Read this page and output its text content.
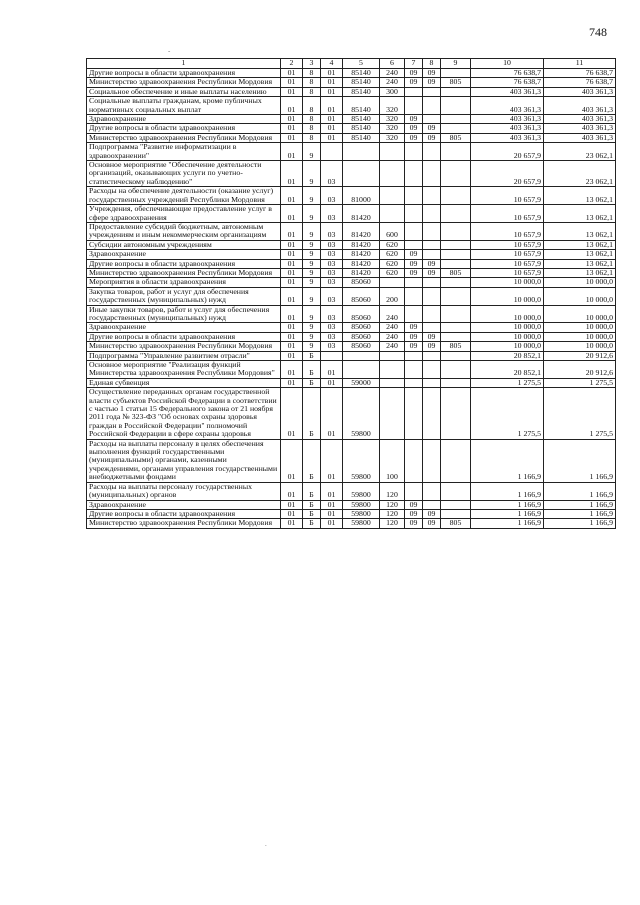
748
-
.
1	2	3	4	5	6	7	8	9	10	11
Другие вопросы в области здравоохранения	01	8	01	85140	240	09	09		76 638,7	76 638,7
Министерство здравоохранения Республики Мордовия	01	8	01	85140	240	09	09	805	76 638,7	76 638,7
Социальное обеспечение и иные выплаты населению	01	8	01	85140	300				403 361,3	403 361,3
Социальные выплаты гражданам, кроме публичных нормативных социальных выплат	01	8	01	85140	320				403 361,3	403 361,3
Здравоохранение	01	8	01	85140	320	09			403 361,3	403 361,3
Другие вопросы в области здравоохранения	01	8	01	85140	320	09	09		403 361,3	403 361,3
Министерство здравоохранения Республики Мордовия	01	8	01	85140	320	09	09	805	403 361,3	403 361,3
Подпрограмма "Развитие информатизации в здравоохранении"	01	9							20 657,9	23 062,1
Основное мероприятие "Обеспечение деятельности организаций, оказывающих услуги по учетно-статистическому наблюдению"	01	9	03						20 657,9	23 062,1
Расходы на обеспечение деятельности (оказание услуг) государственных учреждений Республики Мордовия	01	9	03	81000					10 657,9	13 062,1
Учреждения, обеспечивающие предоставление услуг в сфере здравоохранения	01	9	03	81420					10 657,9	13 062,1
Предоставление субсидий бюджетным, автономным учреждениям и иным некоммерческим организациям	01	9	03	81420	600				10 657,9	13 062,1
Субсидии автономным учреждениям	01	9	03	81420	620				10 657,9	13 062,1
Здравоохранение	01	9	03	81420	620	09			10 657,9	13 062,1
Другие вопросы в области здравоохранения	01	9	03	81420	620	09	09		10 657,9	13 062,1
Министерство здравоохранения Республики Мордовия	01	9	03	81420	620	09	09	805	10 657,9	13 062,1
Мероприятия в области здравоохранения	01	9	03	85060					10 000,0	10 000,0
Закупка товаров, работ и услуг для обеспечения государственных (муниципальных) нужд	01	9	03	85060	200				10 000,0	10 000,0
Иные закупки товаров, работ и услуг для обеспечения государственных (муниципальных) нужд	01	9	03	85060	240				10 000,0	10 000,0
Здравоохранение	01	9	03	85060	240	09			10 000,0	10 000,0
Другие вопросы в области здравоохранения	01	9	03	85060	240	09	09		10 000,0	10 000,0
Министерство здравоохранения Республики Мордовия	01	9	03	85060	240	09	09	805	10 000,0	10 000,0
Подпрограмма "Управление развитием отрасли"	01	Б							20 852,1	20 912,6
Основное мероприятие "Реализация функций Министерства здравоохранения Республики Мордовия"	01	Б	01						20 852,1	20 912,6
Единая субвенция	01	Б	01	59000					1 275,5	1 275,5
Осуществление переданных органам государственной власти субъектов Российской Федерации в соответствии с частью 1 статьи 15 Федерального закона от 21 ноября 2011 года № 323-ФЗ "Об основах охраны здоровья граждан в Российской Федерации" полномочий Российской Федерации в сфере охраны здоровья	01	Б	01	59800					1 275,5	1 275,5
Расходы на выплаты персоналу в целях обеспечения выполнения функций государственными (муниципальными) органами, казенными учреждениями, органами управления государственными внебюджетными фондами	01	Б	01	59800	100				1 166,9	1 166,9
Расходы на выплаты персоналу государственных (муниципальных) органов	01	Б	01	59800	120				1 166,9	1 166,9
Здравоохранение	01	Б	01	59800	120	09			1 166,9	1 166,9
Другие вопросы в области здравоохранения	01	Б	01	59800	120	09	09		1 166,9	1 166,9
Министерство здравоохранения Республики Мордовия	01	Б	01	59800	120	09	09	805	1 166,9	1 166,9
